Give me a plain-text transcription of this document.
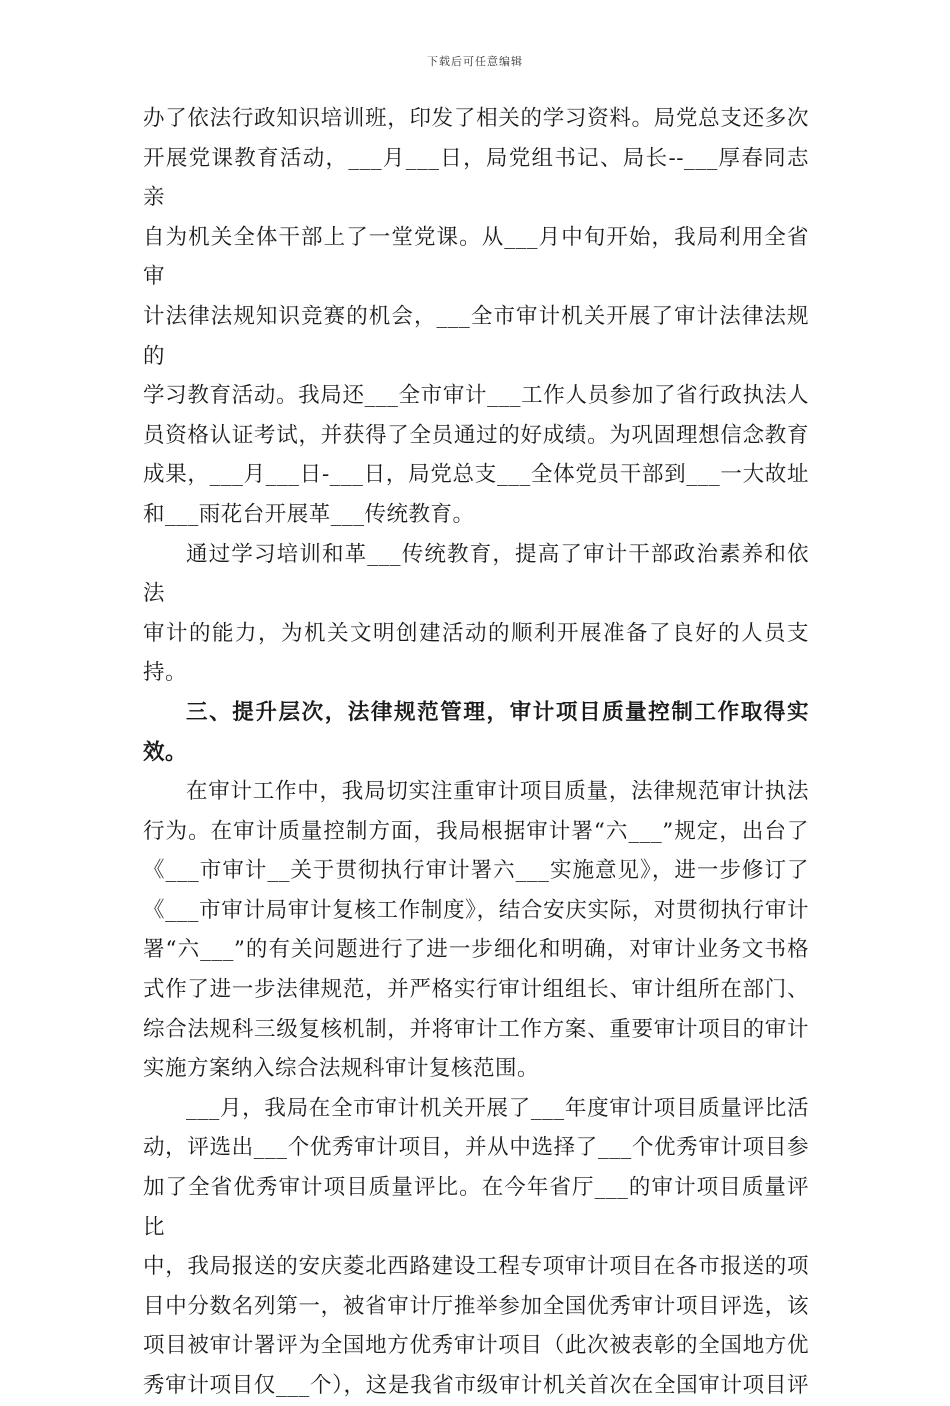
下载后可任意编辑
办了依法行政知识培训班，印发了相关的学习资料。局党总支还多次
开展党课教育活动，___月___日，局党组书记、局长--___厚春同志亲
自为机关全体干部上了一堂党课。从___月中旬开始，我局利用全省审
计法律法规知识竞赛的机会，___全市审计机关开展了审计法律法规的
学习教育活动。我局还___全市审计___工作人员参加了省行政执法人
员资格认证考试，并获得了全员通过的好成绩。为巩固理想信念教育
成果，___月___日-___日，局党总支___全体党员干部到___一大故址
和___雨花台开展革___传统教育。
通过学习培训和革___传统教育，提高了审计干部政治素养和依法
审计的能力，为机关文明创建活动的顺利开展准备了良好的人员支持。
三、提升层次，法律规范管理，审计项目质量控制工作取得实效。
在审计工作中，我局切实注重审计项目质量，法律规范审计执法
行为。在审计质量控制方面，我局根据审计署“六___”规定，出台了
《___市审计__关于贯彻执行审计署六___实施意见》，进一步修订了
《___市审计局审计复核工作制度》，结合安庆实际，对贯彻执行审计
署“六___”的有关问题进行了进一步细化和明确，对审计业务文书格
式作了进一步法律规范，并严格实行审计组组长、审计组所在部门、
综合法规科三级复核机制，并将审计工作方案、重要审计项目的审计
实施方案纳入综合法规科审计复核范围。
___月，我局在全市审计机关开展了___年度审计项目质量评比活
动，评选出___个优秀审计项目，并从中选择了___个优秀审计项目参
加了全省优秀审计项目质量评比。在今年省厅___的审计项目质量评比
中，我局报送的安庆菱北西路建设工程专项审计项目在各市报送的项
目中分数名列第一，被省审计厅推举参加全国优秀审计项目评选，该
项目被审计署评为全国地方优秀审计项目（此次被表彰的全国地方优
秀审计项目仅___个），这是我省市级审计机关首次在全国审计项目评
